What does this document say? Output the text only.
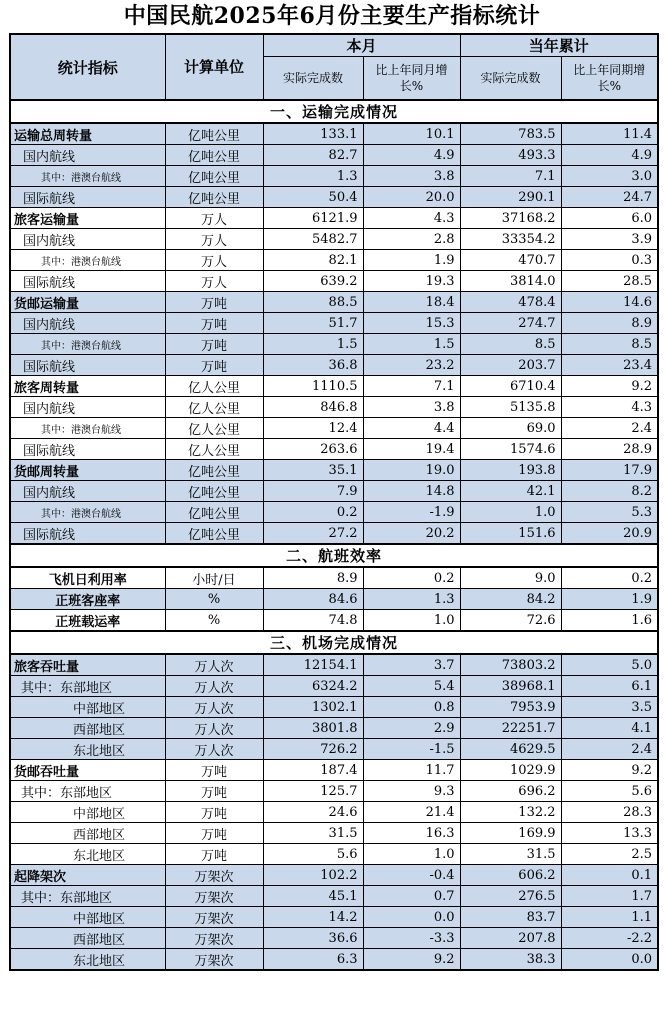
中国民航2025年6月份主要生产指标统计
统计指标	计算单位	本月		当年累计	
		实际完成数	比上年同月增长%	实际完成数	比上年同期增长%
一、运输完成情况					
运输总周转量	亿吨公里	133.1	10.1	783.5	11.4
国内航线	亿吨公里	82.7	4.9	493.3	4.9
其中：港澳台航线	亿吨公里	1.3	3.8	7.1	3.0
国际航线	亿吨公里	50.4	20.0	290.1	24.7
旅客运输量	万人	6121.9	4.3	37168.2	6.0
国内航线	万人	5482.7	2.8	33354.2	3.9
其中：港澳台航线	万人	82.1	1.9	470.7	0.3
国际航线	万人	639.2	19.3	3814.0	28.5
货邮运输量	万吨	88.5	18.4	478.4	14.6
国内航线	万吨	51.7	15.3	274.7	8.9
其中：港澳台航线	万吨	1.5	1.5	8.5	8.5
国际航线	万吨	36.8	23.2	203.7	23.4
旅客周转量	亿人公里	1110.5	7.1	6710.4	9.2
国内航线	亿人公里	846.8	3.8	5135.8	4.3
其中：港澳台航线	亿人公里	12.4	4.4	69.0	2.4
国际航线	亿人公里	263.6	19.4	1574.6	28.9
货邮周转量	亿吨公里	35.1	19.0	193.8	17.9
国内航线	亿吨公里	7.9	14.8	42.1	8.2
其中：港澳台航线	亿吨公里	0.2	-1.9	1.0	5.3
国际航线	亿吨公里	27.2	20.2	151.6	20.9
二、航班效率					
飞机日利用率	小时/日	8.9	0.2	9.0	0.2
正班客座率	%	84.6	1.3	84.2	1.9
正班载运率	%	74.8	1.0	72.6	1.6
三、机场完成情况					
旅客吞吐量	万人次	12154.1	3.7	73803.2	5.0
其中：东部地区	万人次	6324.2	5.4	38968.1	6.1
中部地区	万人次	1302.1	0.8	7953.9	3.5
西部地区	万人次	3801.8	2.9	22251.7	4.1
东北地区	万人次	726.2	-1.5	4629.5	2.4
货邮吞吐量	万吨	187.4	11.7	1029.9	9.2
其中：东部地区	万吨	125.7	9.3	696.2	5.6
中部地区	万吨	24.6	21.4	132.2	28.3
西部地区	万吨	31.5	16.3	169.9	13.3
东北地区	万吨	5.6	1.0	31.5	2.5
起降架次	万架次	102.2	-0.4	606.2	0.1
其中：东部地区	万架次	45.1	0.7	276.5	1.7
中部地区	万架次	14.2	0.0	83.7	1.1
西部地区	万架次	36.6	-3.3	207.8	-2.2
东北地区	万架次	6.3	9.2	38.3	0.0
